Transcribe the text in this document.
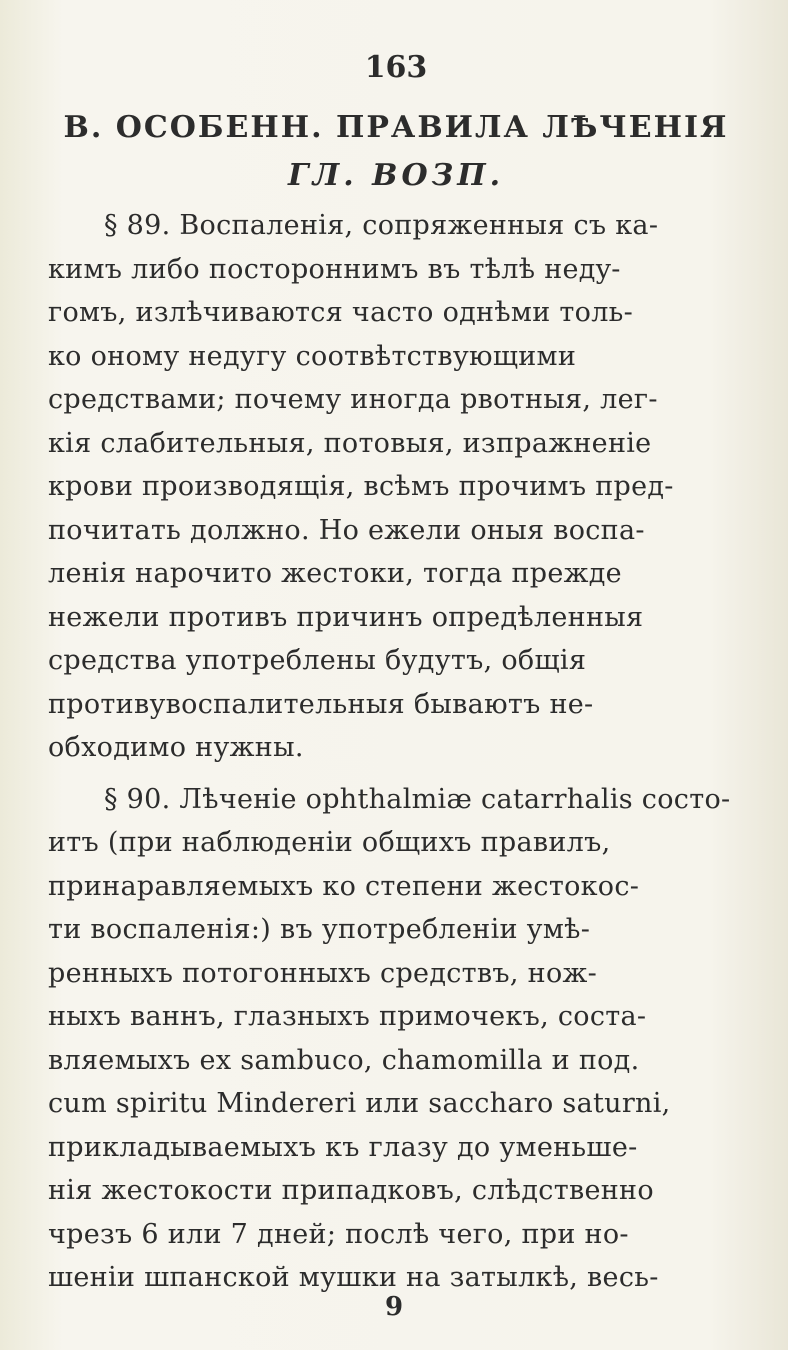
163
B. ОСОБЕНН. ПРАВИЛА ЛѢЧЕНІЯ
ГЛ. ВОЗП.
§ 89. Воспаленія, сопряженныя съ ка-
кимъ либо постороннимъ въ тѣлѣ недy-
гомъ, излѣчиваются часто однѣми толь-
ко оному недугу соотвѣтствующими
средствами; почему иногда рвотныя, лег-
кія слабительныя, потовыя, изпражненіе
крови производящія, всѣмъ прочимъ пред-
почитать должно. Но ежели оныя воспа-
ленія нарочито жестоки, тогда прежде
нежели противъ причинъ опредѣленныя
средства употреблены будутъ, общія
противувоспалительныя бываютъ не-
обходимо нужны.
§ 90. Лѣченіе ophthalmiæ catarrhalis состо-
итъ (при наблюденіи общихъ правилъ,
принаравляемыхъ ко степени жестокос-
ти воспаленія:) въ употребленіи умѣ-
ренныхъ потогонныхъ средствъ, нож-
ныхъ ваннъ, глазныхъ примочекъ, соста-
вляемыхъ ex sambuco, chamomilla и под.
cum spiritu Mindereri или saccharo saturni,
прикладываемыхъ къ глазу до уменьше-
нія жестокости припадковъ, слѣдственно
чрезъ 6 или 7 дней; послѣ чего, при но-
шеніи шпанской мушки на затылкѣ, весь-
9
